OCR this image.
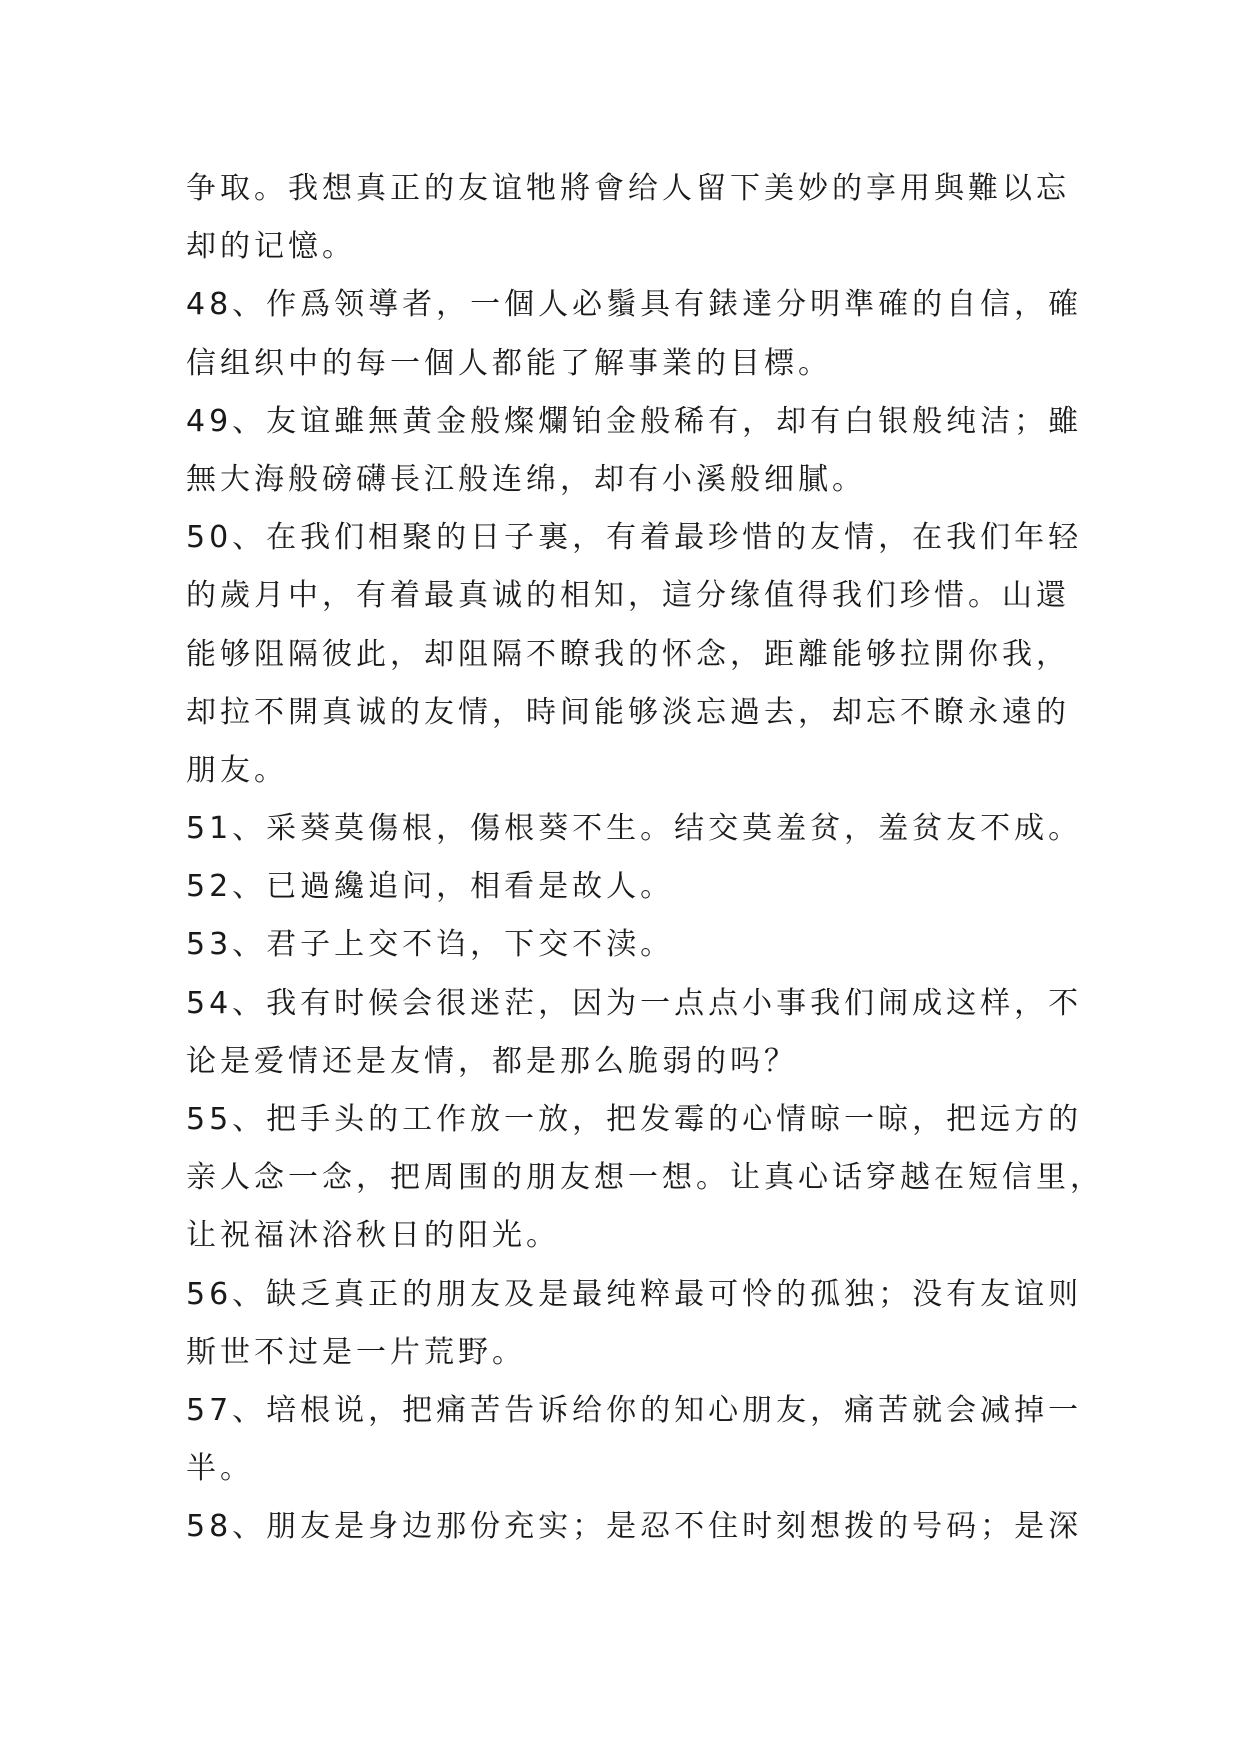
争取。我想真正的友谊牠將會给人留下美妙的享用與難以忘
却的记憶。
48、作爲领導者，一個人必鬚具有錶達分明準確的自信，確
信组织中的每一個人都能了解事業的目標。
49、友谊雖無黄金般燦爛铂金般稀有，却有白银般纯洁；雖
無大海般磅礴長江般连绵，却有小溪般细膩。
50、在我们相聚的日子裏，有着最珍惜的友情，在我们年轻
的歲月中，有着最真诚的相知，這分缘值得我们珍惜。山還
能够阻隔彼此，却阻隔不瞭我的怀念，距離能够拉開你我，
却拉不開真诚的友情，時间能够淡忘過去，却忘不瞭永遠的
朋友。
51、采葵莫傷根，傷根葵不生。结交莫羞贫，羞贫友不成。
52、已過纔追问，相看是故人。
53、君子上交不诌，下交不渎。
54、我有时候会很迷茫，因为一点点小事我们闹成这样，不
论是爱情还是友情，都是那么脆弱的吗？
55、把手头的工作放一放，把发霉的心情晾一晾，把远方的
亲人念一念，把周围的朋友想一想。让真心话穿越在短信里，
让祝福沐浴秋日的阳光。
56、缺乏真正的朋友及是最纯粹最可怜的孤独；没有友谊则
斯世不过是一片荒野。
57、培根说，把痛苦告诉给你的知心朋友，痛苦就会减掉一
半。
58、朋友是身边那份充实；是忍不住时刻想拨的号码；是深
